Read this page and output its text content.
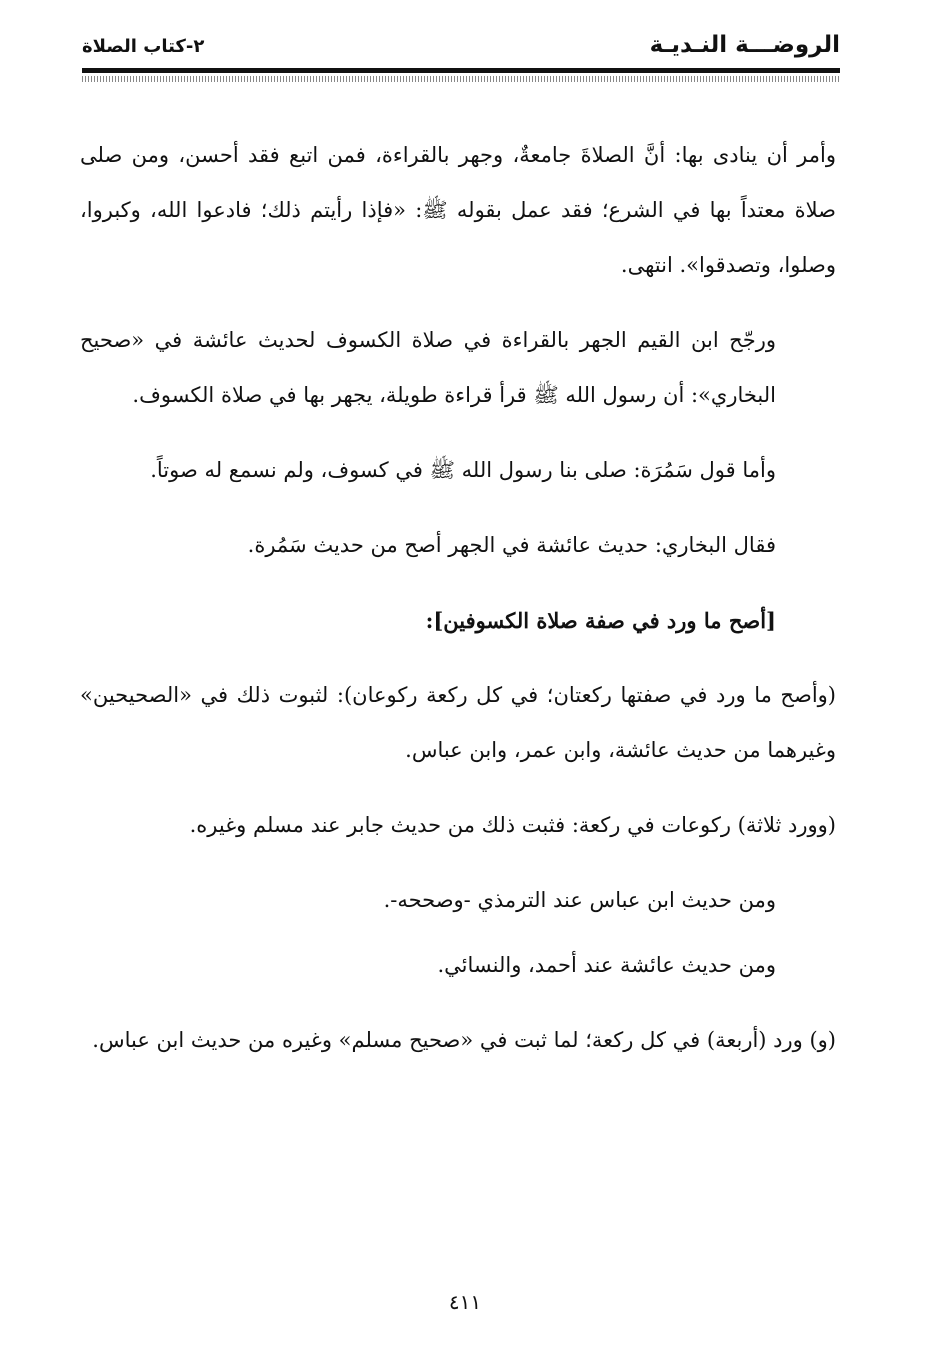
الروضـــة النـديـة
٢-كتاب الصلاة

وأمر أن ينادى بها: أنَّ الصلاةَ جامعةٌ، وجهر بالقراءة، فمن اتبع فقد أحسن، ومن صلى صلاة معتداً بها في الشرع؛ فقد عمل بقوله ﷺ: «فإذا رأيتم ذلك؛ فادعوا الله، وكبروا، وصلوا، وتصدقوا». انتهى.

ورجّح ابن القيم الجهر بالقراءة في صلاة الكسوف لحديث عائشة في «صحيح البخاري»: أن رسول الله ﷺ قرأ قراءة طويلة، يجهر بها في صلاة الكسوف.

وأما قول سَمُرَة: صلى بنا رسول الله ﷺ في كسوف، ولم نسمع له صوتاً.

فقال البخاري: حديث عائشة في الجهر أصح من حديث سَمُرة.

[أصح ما ورد في صفة صلاة الكسوفين]:

(وأصح ما ورد في صفتها ركعتان؛ في كل ركعة ركوعان): لثبوت ذلك في «الصحيحين» وغيرهما من حديث عائشة، وابن عمر، وابن عباس.

(وورد ثلاثة) ركوعات في ركعة: فثبت ذلك من حديث جابر عند مسلم وغيره.

ومن حديث ابن عباس عند الترمذي -وصححه-.

ومن حديث عائشة عند أحمد، والنسائي.

(و) ورد (أربعة) في كل ركعة؛ لما ثبت في «صحيح مسلم» وغيره من حديث ابن عباس.

٤١١
